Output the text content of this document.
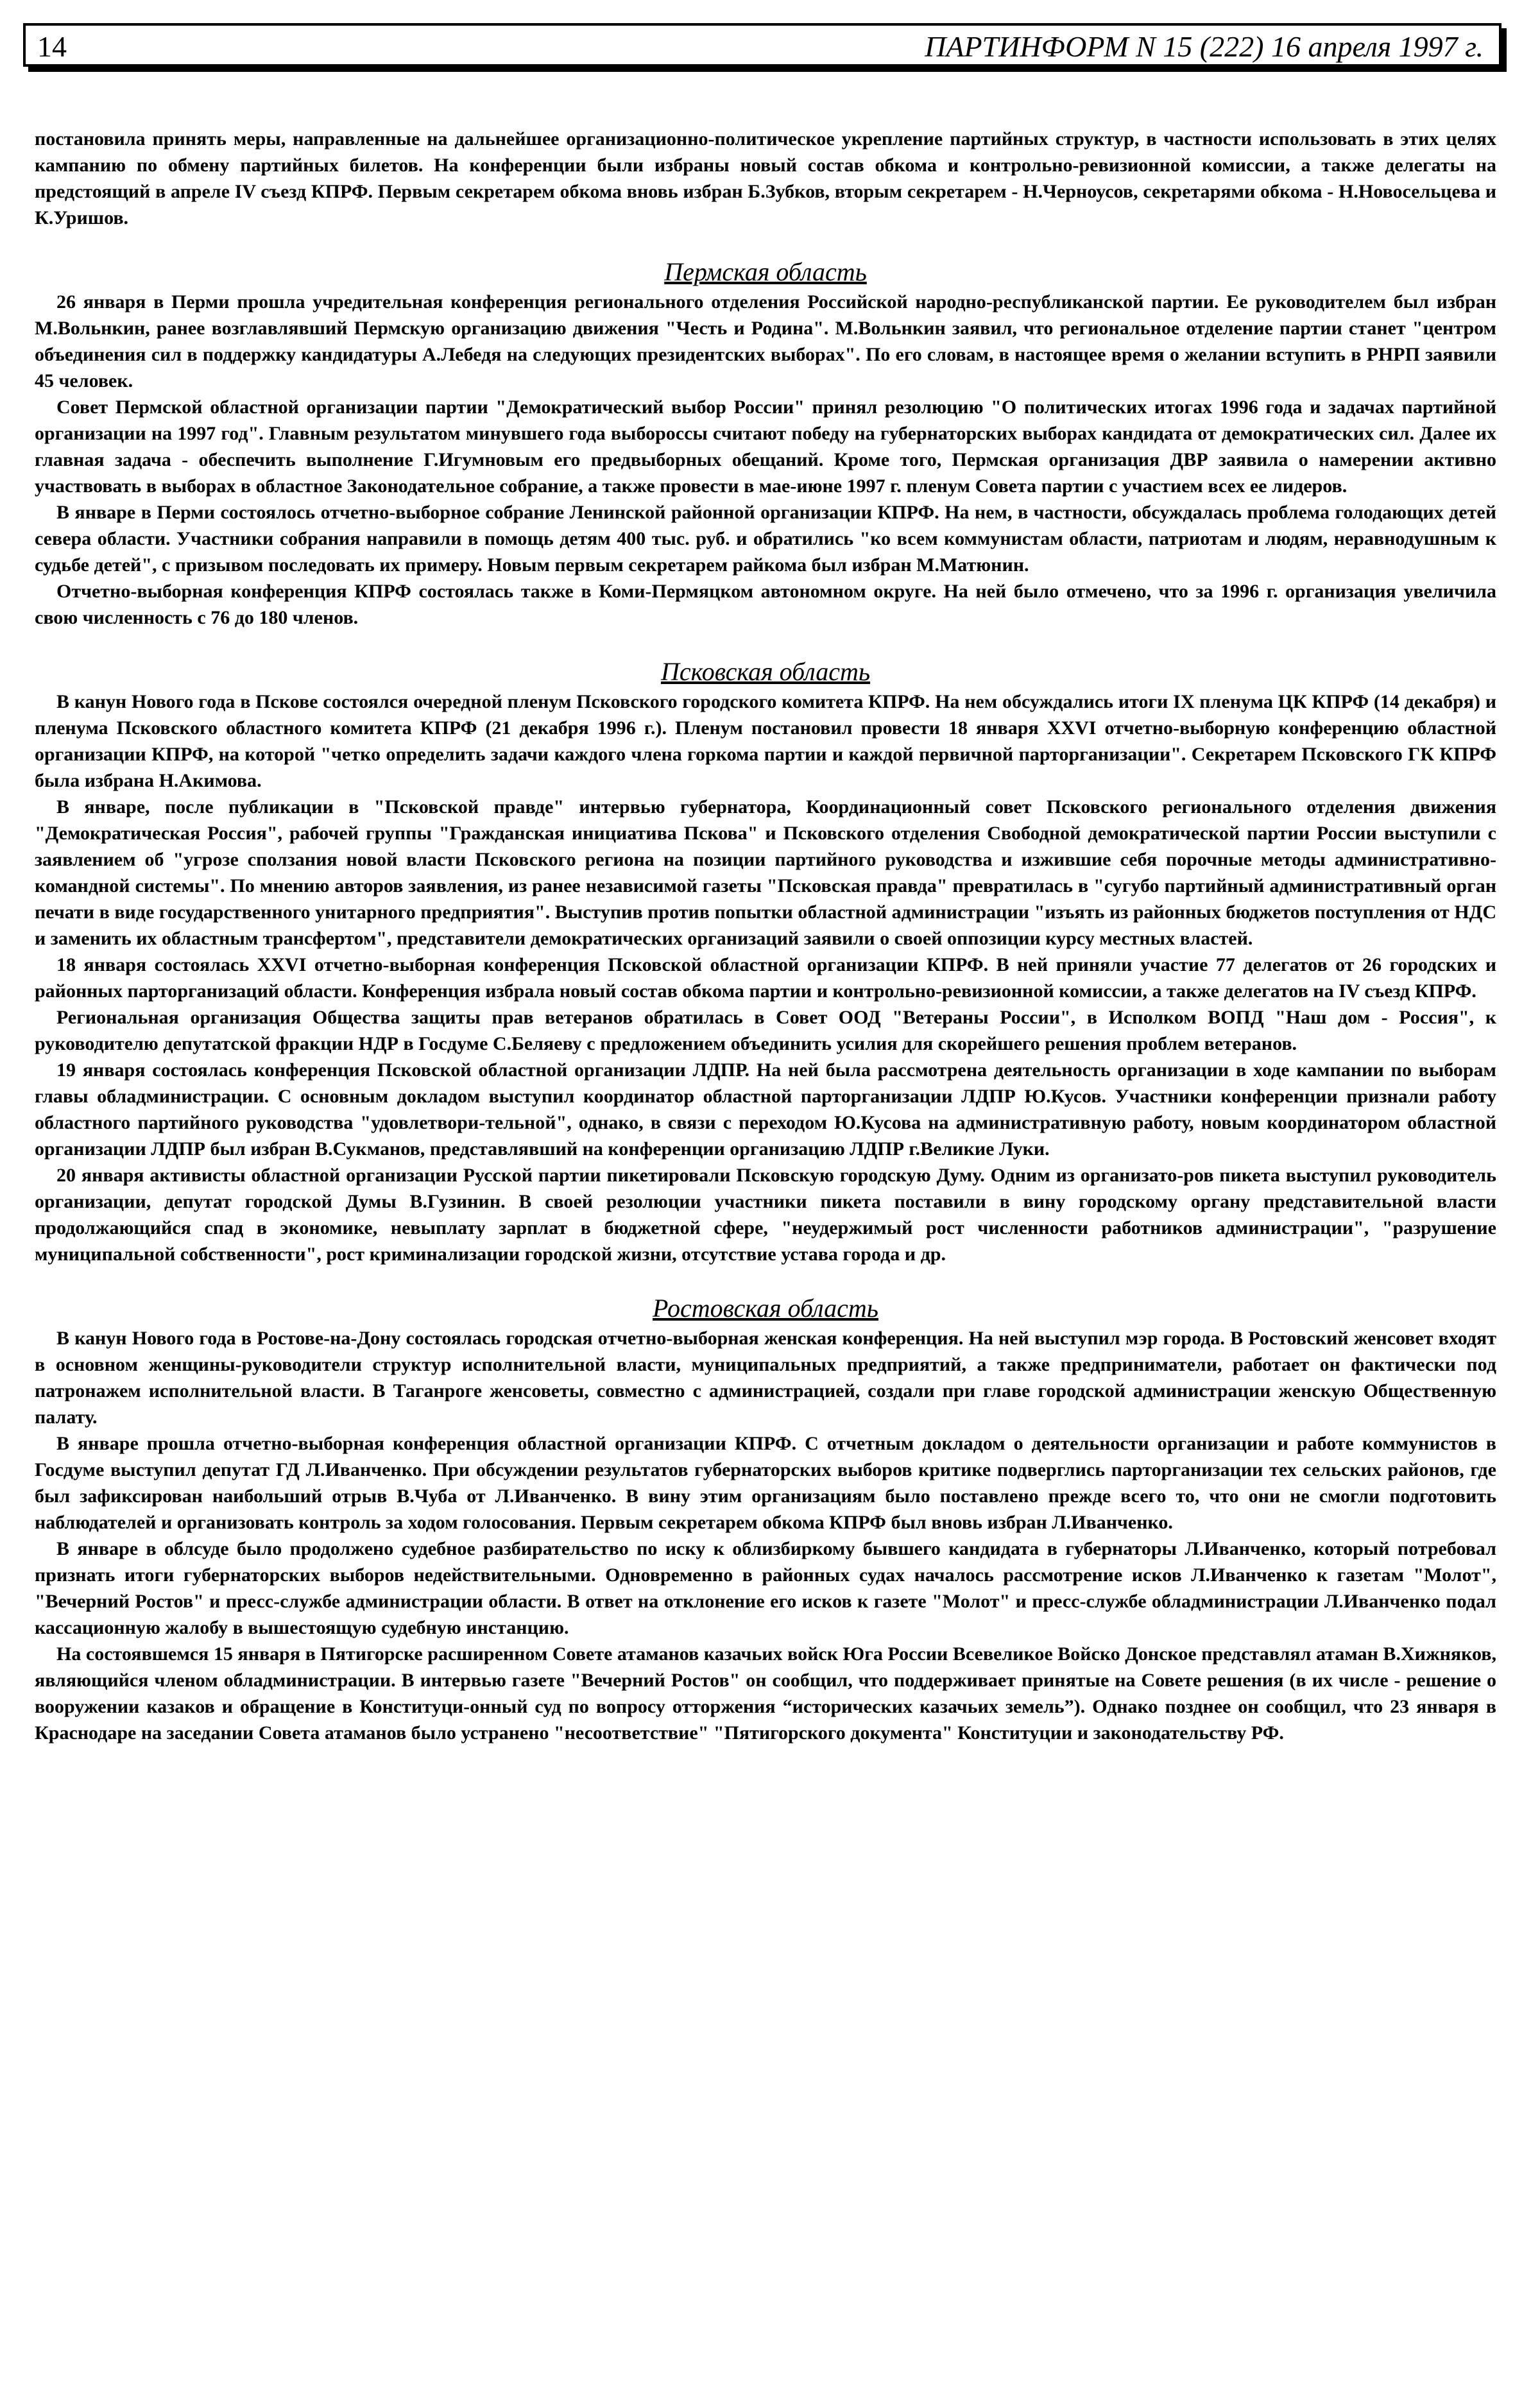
14	ПАРТИНФОРМ N 15 (222) 16 апреля 1997 г.

постановила принять меры, направленные на дальнейшее организационно-политическое укрепление партийных структур, в частности использовать в этих целях кампанию по обмену партийных билетов. На конференции были избраны новый состав обкома и контрольно-ревизионной комиссии, а также делегаты на предстоящий в апреле IV съезд КПРФ. Первым секретарем обкома вновь избран Б.Зубков, вторым секретарем - Н.Черноусов, секретарями обкома - Н.Новосельцева и К.Уришов.

Пермская область

26 января в Перми прошла учредительная конференция регионального отделения Российской народно-республиканской партии. Ее руководителем был избран М.Вольнкин, ранее возглавлявший Пермскую организацию движения "Честь и Родина". М.Вольнкин заявил, что региональное отделение партии станет "центром объединения сил в поддержку кандидатуры А.Лебедя на следующих президентских выборах". По его словам, в настоящее время о желании вступить в РНРП заявили 45 человек.

Совет Пермской областной организации партии "Демократический выбор России" принял резолюцию "О политических итогах 1996 года и задачах партийной организации на 1997 год". Главным результатом минувшего года выборосcы считают победу на губернаторских выборах кандидата от демократических сил. Далее их главная задача - обеспечить выполнение Г.Игумновым его предвыборных обещаний. Кроме того, Пермская организация ДВР заявила о намерении активно участвовать в выборах в областное Законодательное собрание, а также провести в мае-июне 1997 г. пленум Совета партии с участием всех ее лидеров.

В январе в Перми состоялось отчетно-выборное собрание Ленинской районной организации КПРФ. На нем, в частности, обсуждалась проблема голодающих детей севера области. Участники собрания направили в помощь детям 400 тыс. руб. и обратились "ко всем коммунистам области, патриотам и людям, неравнодушным к судьбе детей", с призывом последовать их примеру. Новым первым секретарем райкома был избран М.Матюнин.

Отчетно-выборная конференция КПРФ состоялась также в Коми-Пермяцком автономном округе. На ней было отмечено, что за 1996 г. организация увеличила свою численность с 76 до 180 членов.

Псковская область

В канун Нового года в Пскове состоялся очередной пленум Псковского городского комитета КПРФ. На нем обсуждались итоги IX пленума ЦК КПРФ (14 декабря) и пленума Псковского областного комитета КПРФ (21 декабря 1996 г.). Пленум постановил провести 18 января XXVI отчетно-выборную конференцию областной организации КПРФ, на которой "четко определить задачи каждого члена горкома партии и каждой первичной парторганизации". Секретарем Псковского ГК КПРФ была избрана Н.Акимова.

В январе, после публикации в "Псковской правде" интервью губернатора, Координационный совет Псковского регионального отделения движения "Демократическая Россия", рабочей группы "Гражданская инициатива Пскова" и Псковского отделения Свободной демократической партии России выступили с заявлением об "угрозе сползания новой власти Псковского региона на позиции партийного руководства и изжившие себя порочные методы административно-командной системы". По мнению авторов заявления, из ранее независимой газеты "Псковская правда" превратилась в "сугубо партийный административный орган печати в виде государственного унитарного предприятия". Выступив против попытки областной администрации "изъять из районных бюджетов поступления от НДС и заменить их областным трансфертом", представители демократических организаций заявили о своей оппозиции курсу местных властей.

18 января состоялась XXVI отчетно-выборная конференция Псковской областной организации КПРФ. В ней приняли участие 77 делегатов от 26 городских и районных парторганизаций области. Конференция избрала новый состав обкома партии и контрольно-ревизионной комиссии, а также делегатов на IV съезд КПРФ.

Региональная организация Общества защиты прав ветеранов обратилась в Совет ООД "Ветераны России", в Исполком ВОПД "Наш дом - Россия", к руководителю депутатской фракции НДР в Госдуме С.Беляеву с предложением объединить усилия для скорейшего решения проблем ветеранов.

19 января состоялась конференция Псковской областной организации ЛДПР. На ней была рассмотрена деятельность организации в ходе кампании по выборам главы обладминистрации. С основным докладом выступил координатор областной парторганизации ЛДПР Ю.Кусов. Участники конференции признали работу областного партийного руководства "удовлетвори-тельной", однако, в связи с переходом Ю.Кусова на административную работу, новым координатором областной организации ЛДПР был избран В.Сукманов, представлявший на конференции организацию ЛДПР г.Великие Луки.

20 января активисты областной организации Русской партии пикетировали Псковскую городскую Думу. Одним из организато-ров пикета выступил руководитель организации, депутат городской Думы В.Гузинин. В своей резолюции участники пикета поставили в вину городскому органу представительной власти продолжающийся спад в экономике, невыплату зарплат в бюджетной сфере, "неудержимый рост численности работников администрации", "разрушение муниципальной собственности", рост криминализации городской жизни, отсутствие устава города и др.

Ростовская область

В канун Нового года в Ростове-на-Дону состоялась городская отчетно-выборная женская конференция. На ней выступил мэр города. В Ростовский женсовет входят в основном женщины-руководители структур исполнительной власти, муниципальных предприятий, а также предприниматели, работает он фактически под патронажем исполнительной власти. В Таганроге женсоветы, совместно с администрацией, создали при главе городской администрации женскую Общественную палату.

В январе прошла отчетно-выборная конференция областной организации КПРФ. С отчетным докладом о деятельности организации и работе коммунистов в Госдуме выступил депутат ГД Л.Иванченко. При обсуждении результатов губернаторских выборов критике подверглись парторганизации тех сельских районов, где был зафиксирован наибольший отрыв В.Чуба от Л.Иванченко. В вину этим организациям было поставлено прежде всего то, что они не смогли подготовить наблюдателей и организовать контроль за ходом голосования. Первым секретарем обкома КПРФ был вновь избран Л.Иванченко.

В январе в облсуде было продолжено судебное разбирательство по иску к облизбиркому бывшего кандидата в губернаторы Л.Иванченко, который потребовал признать итоги губернаторских выборов недействительными. Одновременно в районных судах началось рассмотрение исков Л.Иванченко к газетам "Молот", "Вечерний Ростов" и пресс-службе администрации области. В ответ на отклонение его исков к газете "Молот" и пресс-службе обладминистрации Л.Иванченко подал кассационную жалобу в вышестоящую судебную инстанцию.

На состоявшемся 15 января в Пятигорске расширенном Совете атаманов казачьих войск Юга России Всевеликое Войско Донское представлял атаман В.Хижняков, являющийся членом обладминистрации. В интервью газете "Вечерний Ростов" он сообщил, что поддерживает принятые на Совете решения (в их числе - решение о вооружении казаков и обращение в Конституци-онный суд по вопросу отторжения “исторических казачьих земель”). Однако позднее он сообщил, что 23 января в Краснодаре на заседании Совета атаманов было устранено "несоответствие" "Пятигорского документа" Конституции и законодательству РФ.
